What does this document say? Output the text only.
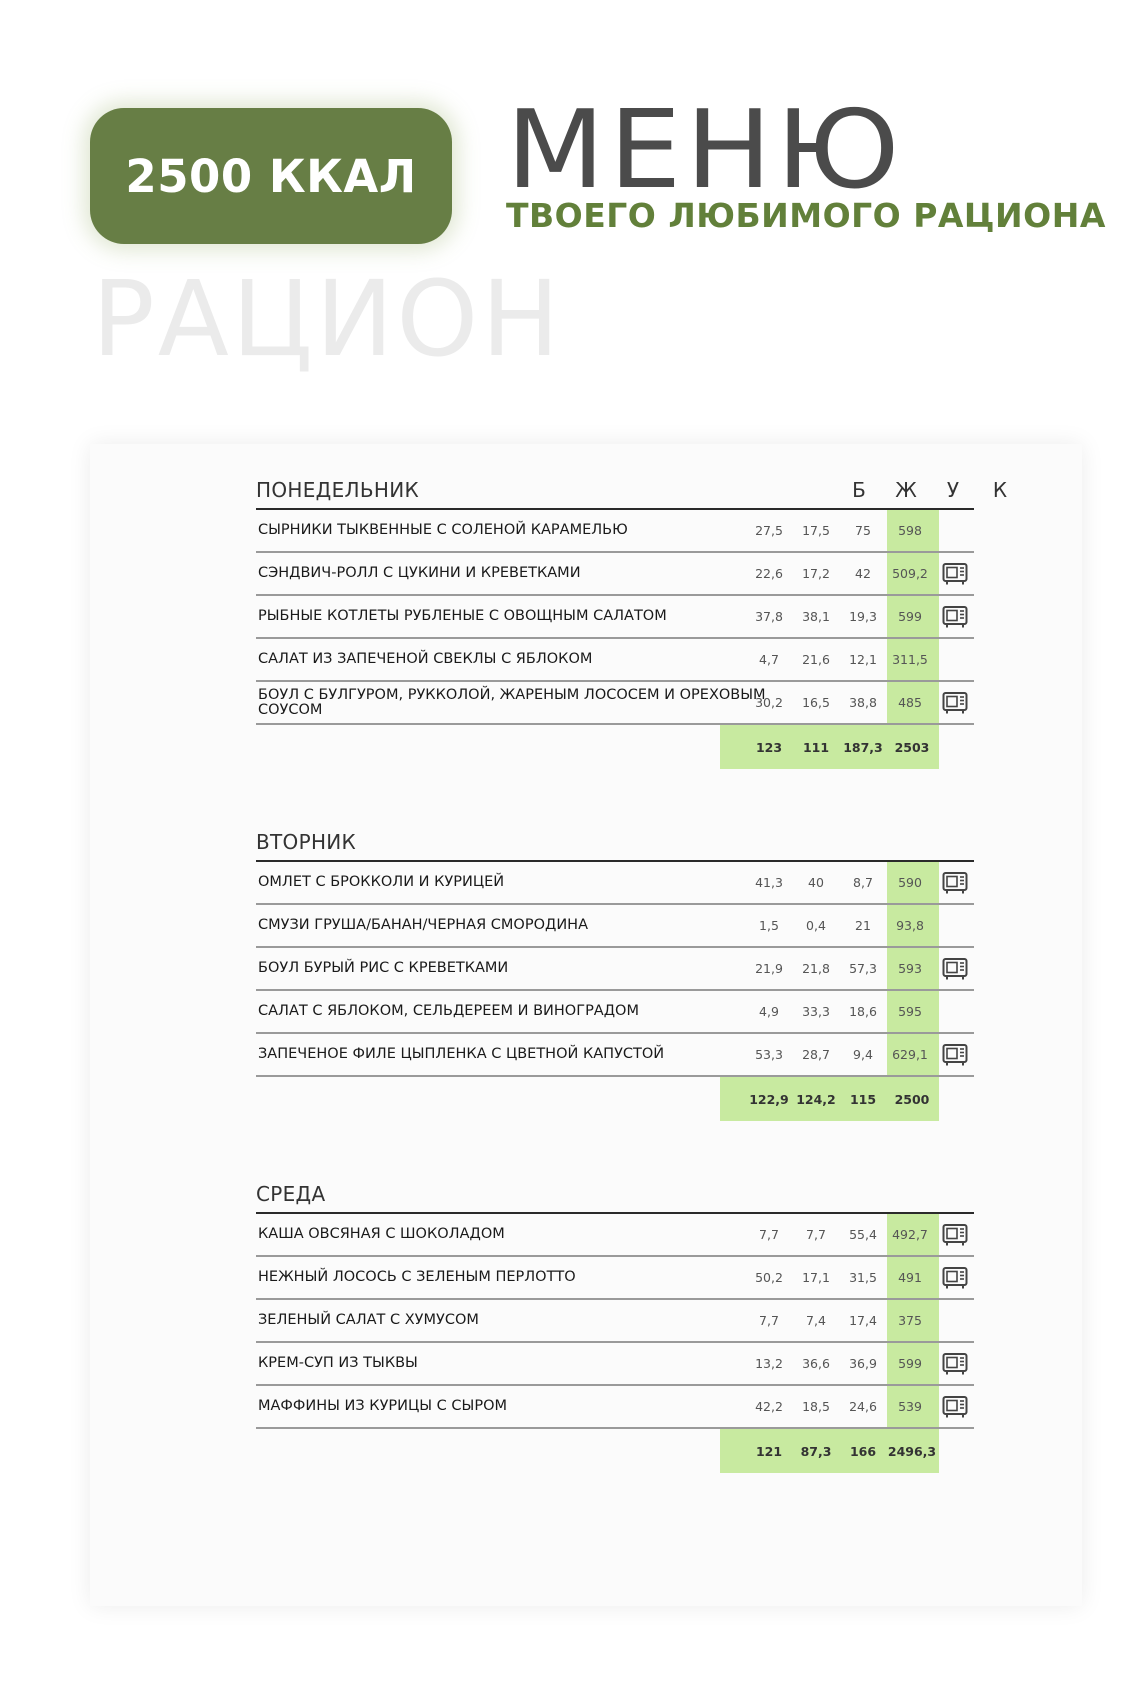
2500 ККАЛ МЕНЮ
ТВОЕГО ЛЮБИМОГО РАЦИОНА
РАЦИОН
ПОНЕДЕЛЬНИК	Б	Ж	У	К
СЫРНИКИ ТЫКВЕННЫЕ С СОЛЕНОЙ КАРАМЕЛЬЮ	27,5	17,5	75	598
СЭНДВИЧ-РОЛЛ С ЦУКИНИ И КРЕВЕТКАМИ	22,6	17,2	42	509,2
РЫБНЫЕ КОТЛЕТЫ РУБЛЕНЫЕ С ОВОЩНЫМ САЛАТОМ	37,8	38,1	19,3	599
САЛАТ ИЗ ЗАПЕЧЕНОЙ СВЕКЛЫ С ЯБЛОКОМ	4,7	21,6	12,1	311,5
БОУЛ С БУЛГУРОМ, РУККОЛОЙ, ЖАРЕНЫМ ЛОСОСЕМ И ОРЕХОВЫМ СОУСОМ	30,2	16,5	38,8	485
123	111	187,3 2503
ВТОРНИК
ОМЛЕТ С БРОККОЛИ И КУРИЦЕЙ	41,3	40	8,7	590
СМУЗИ ГРУША/БАНАН/ЧЕРНАЯ СМОРОДИНА	1,5	0,4	21	93,8
БОУЛ БУРЫЙ РИС С КРЕВЕТКАМИ	21,9	21,8	57,3	593
САЛАТ С ЯБЛОКОМ, СЕЛЬДЕРЕЕМ И ВИНОГРАДОМ	4,9	33,3	18,6	595
ЗАПЕЧЕНОЕ ФИЛЕ ЦЫПЛЕНКА С ЦВЕТНОЙ КАПУСТОЙ	53,3	28,7	9,4	629,1
122,9 124,2	115	2500
СРЕДА
КАША ОВСЯНАЯ С ШОКОЛАДОМ	7,7	7,7	55,4	492,7
НЕЖНЫЙ ЛОСОСЬ С ЗЕЛЕНЫМ ПЕРЛОТТО	50,2	17,1	31,5	491
ЗЕЛЕНЫЙ САЛАТ С ХУМУСОМ	7,7	7,4	17,4	375
КРЕМ-СУП ИЗ ТЫКВЫ	13,2	36,6	36,9	599
МАФФИНЫ ИЗ КУРИЦЫ С СЫРОМ	42,2	18,5	24,6	539
121	87,3	166 2496,3
